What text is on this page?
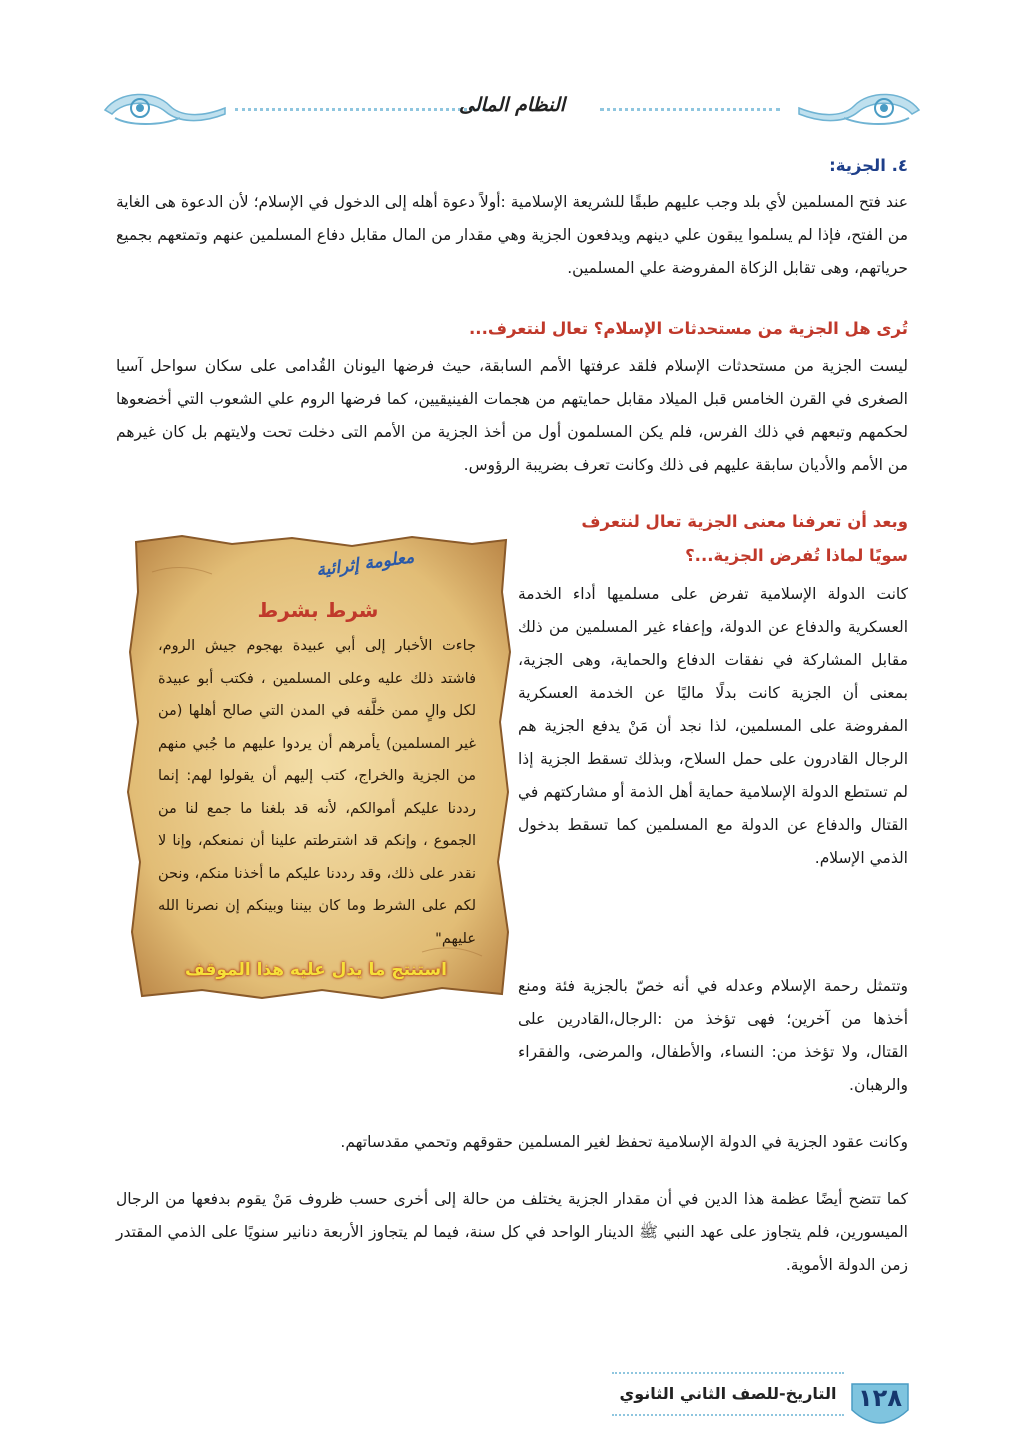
النظام المالى
٤. الجزية:
عند فتح المسلمين لأي بلد وجب عليهم طبقًا للشريعة الإسلامية :أولاً دعوة أهله إلى الدخول في الإسلام؛ لأن الدعوة هى الغاية من الفتح، فإذا لم يسلموا يبقون علي دينهم ويدفعون الجزية وهي مقدار من المال مقابل دفاع المسلمين عنهم وتمتعهم بجميع حرياتهم، وهى تقابل الزكاة المفروضة علي المسلمين.
تُرى هل الجزية من مستحدثات الإسلام؟ تعال لنتعرف...
ليست الجزية من مستحدثات الإسلام فلقد عرفتها الأمم السابقة، حيث فرضها اليونان القُدامى على سكان سواحل آسيا الصغرى في القرن الخامس قبل الميلاد مقابل حمايتهم من هجمات الفينيقيين، كما فرضها الروم علي الشعوب التي أخضعوها لحكمهم وتبعهم في ذلك الفرس، فلم يكن المسلمون أول من أخذ الجزية من الأمم التى دخلت تحت ولايتهم بل كان غيرهم من الأمم والأديان سابقة عليهم فى ذلك وكانت تعرف بضريبة الرؤوس.
وبعد أن تعرفنا معنى الجزية تعال لنتعرف
سويًا لماذا تُفرض الجزية...؟
كانت الدولة الإسلامية تفرض على مسلميها أداء الخدمة العسكرية والدفاع عن الدولة، وإعفاء غير المسلمين من ذلك مقابل المشاركة في نفقات الدفاع والحماية، وهى الجزية، بمعنى أن الجزية كانت بدلًا ماليًا عن الخدمة العسكرية المفروضة على المسلمين، لذا نجد أن مَنْ يدفع الجزية هم الرجال القادرون على حمل السلاح، وبذلك تسقط الجزية إذا لم تستطع الدولة الإسلامية حماية أهل الذمة أو مشاركتهم في القتال والدفاع عن الدولة مع المسلمين كما تسقط بدخول الذمي الإسلام.
وتتمثل رحمة الإسلام وعدله في أنه خصّ بالجزية فئة ومنع أخذها من آخرين؛ فهى تؤخذ من :الرجال،القادرين على القتال، ولا تؤخذ من: النساء، والأطفال، والمرضى، والفقراء والرهبان.
معلومة إثرائية
شرط بشرط
جاءت الأخبار إلى أبي عبيدة بهجوم جيش الروم، فاشتد ذلك عليه وعلى المسلمين ، فكتب أبو عبيدة لكل والٍ ممن خلَّفه في المدن التي صالح أهلها (من غير المسلمين) يأمرهم أن يردوا عليهم ما جُبي منهم من الجزية والخراج، كتب إليهم أن يقولوا لهم: إنما رددنا عليكم أموالكم، لأنه قد بلغنا ما جمع لنا من الجموع ، وإنكم قد اشترطتم علينا أن نمنعكم، وإنا لا نقدر على ذلك، وقد رددنا عليكم ما أخذنا منكم، ونحن لكم على الشرط وما كان بيننا وبينكم إن نصرنا الله عليهم"
استنتج ما يدل عليه هذا الموقف
وكانت عقود الجزية في الدولة الإسلامية تحفظ لغير المسلمين حقوقهم وتحمي مقدساتهم.
كما تتضح أيضًا عظمة هذا الدين في أن مقدار الجزية يختلف من حالة إلى أخرى حسب ظروف مَنْ يقوم بدفعها من الرجال الميسورين، فلم يتجاوز على عهد النبي ﷺ الدينار الواحد في كل سنة، فيما لم يتجاوز الأربعة دنانير سنويًا على الذمي المقتدر زمن الدولة الأموية.
التاريخ-للصف الثاني الثانوي ١٢٨
